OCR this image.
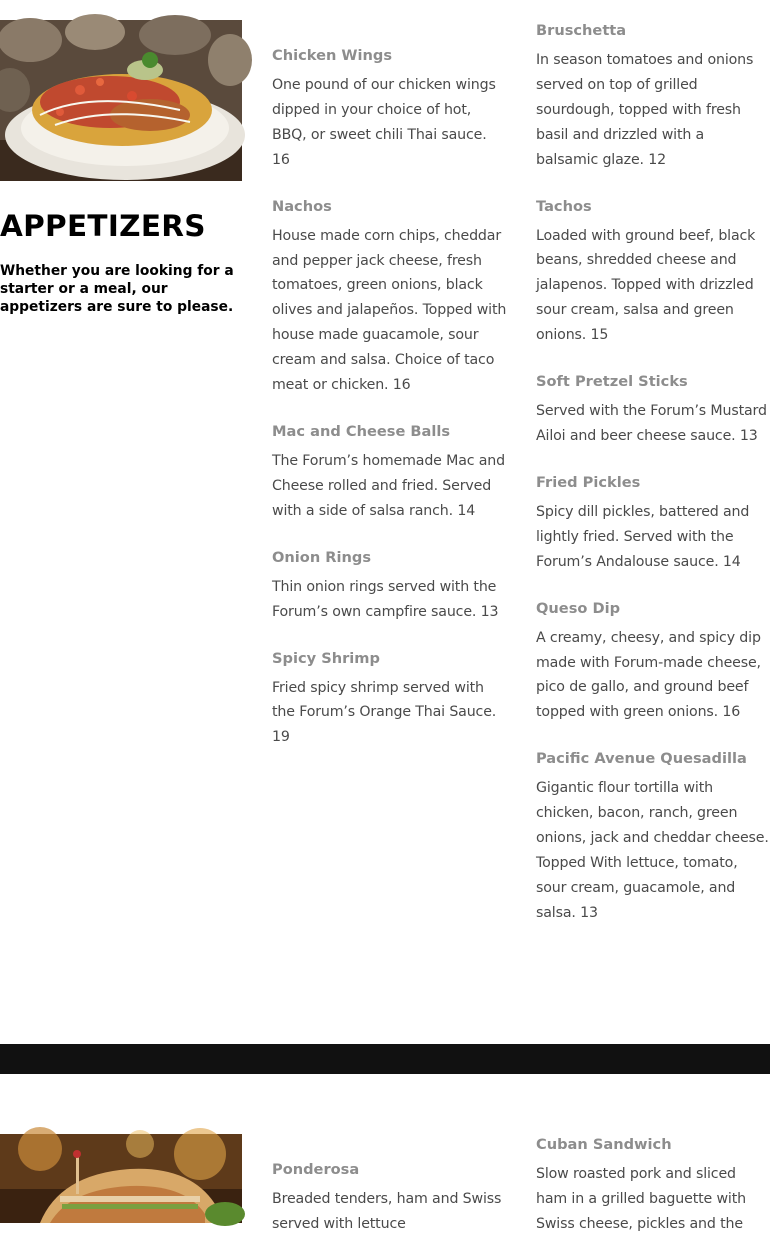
APPETIZERS
Whether you are looking for a starter or a meal, our appetizers are sure to please.
Chicken Wings
One pound of our chicken wings dipped in your choice of hot, BBQ, or sweet chili Thai sauce. 16
Nachos
House made corn chips, cheddar and pepper jack cheese, fresh tomatoes, green onions, black olives and jalapeños. Topped with house made guacamole, sour cream and salsa. Choice of taco meat or chicken. 16
Mac and Cheese Balls
The Forum’s homemade Mac and Cheese rolled and fried. Served with a side of salsa ranch. 14
Onion Rings
Thin onion rings served with the Forum’s own campfire sauce. 13
Spicy Shrimp
Fried spicy shrimp served with the Forum’s Orange Thai Sauce. 19
Bruschetta
In season tomatoes and onions served on top of grilled sourdough, topped with fresh basil and drizzled with a balsamic glaze. 12
Tachos
Loaded with ground beef, black beans, shredded cheese and jalapenos. Topped with drizzled sour cream, salsa and green onions. 15
Soft Pretzel Sticks
Served with the Forum’s Mustard Ailoi and beer cheese sauce. 13
Fried Pickles
Spicy dill pickles, battered and lightly fried. Served with the Forum’s Andalouse sauce. 14
Queso Dip
A creamy, cheesy, and spicy dip made with Forum-made cheese, pico de gallo, and ground beef topped with green onions. 16
Pacific Avenue Quesadilla
Gigantic flour tortilla with chicken, bacon, ranch, green onions, jack and cheddar cheese. Topped With lettuce, tomato, sour cream, guacamole, and salsa. 13
Ponderosa
Breaded tenders, ham and Swiss served with lettuce
Cuban Sandwich
Slow roasted pork and sliced ham in a grilled baguette with Swiss cheese, pickles and the
